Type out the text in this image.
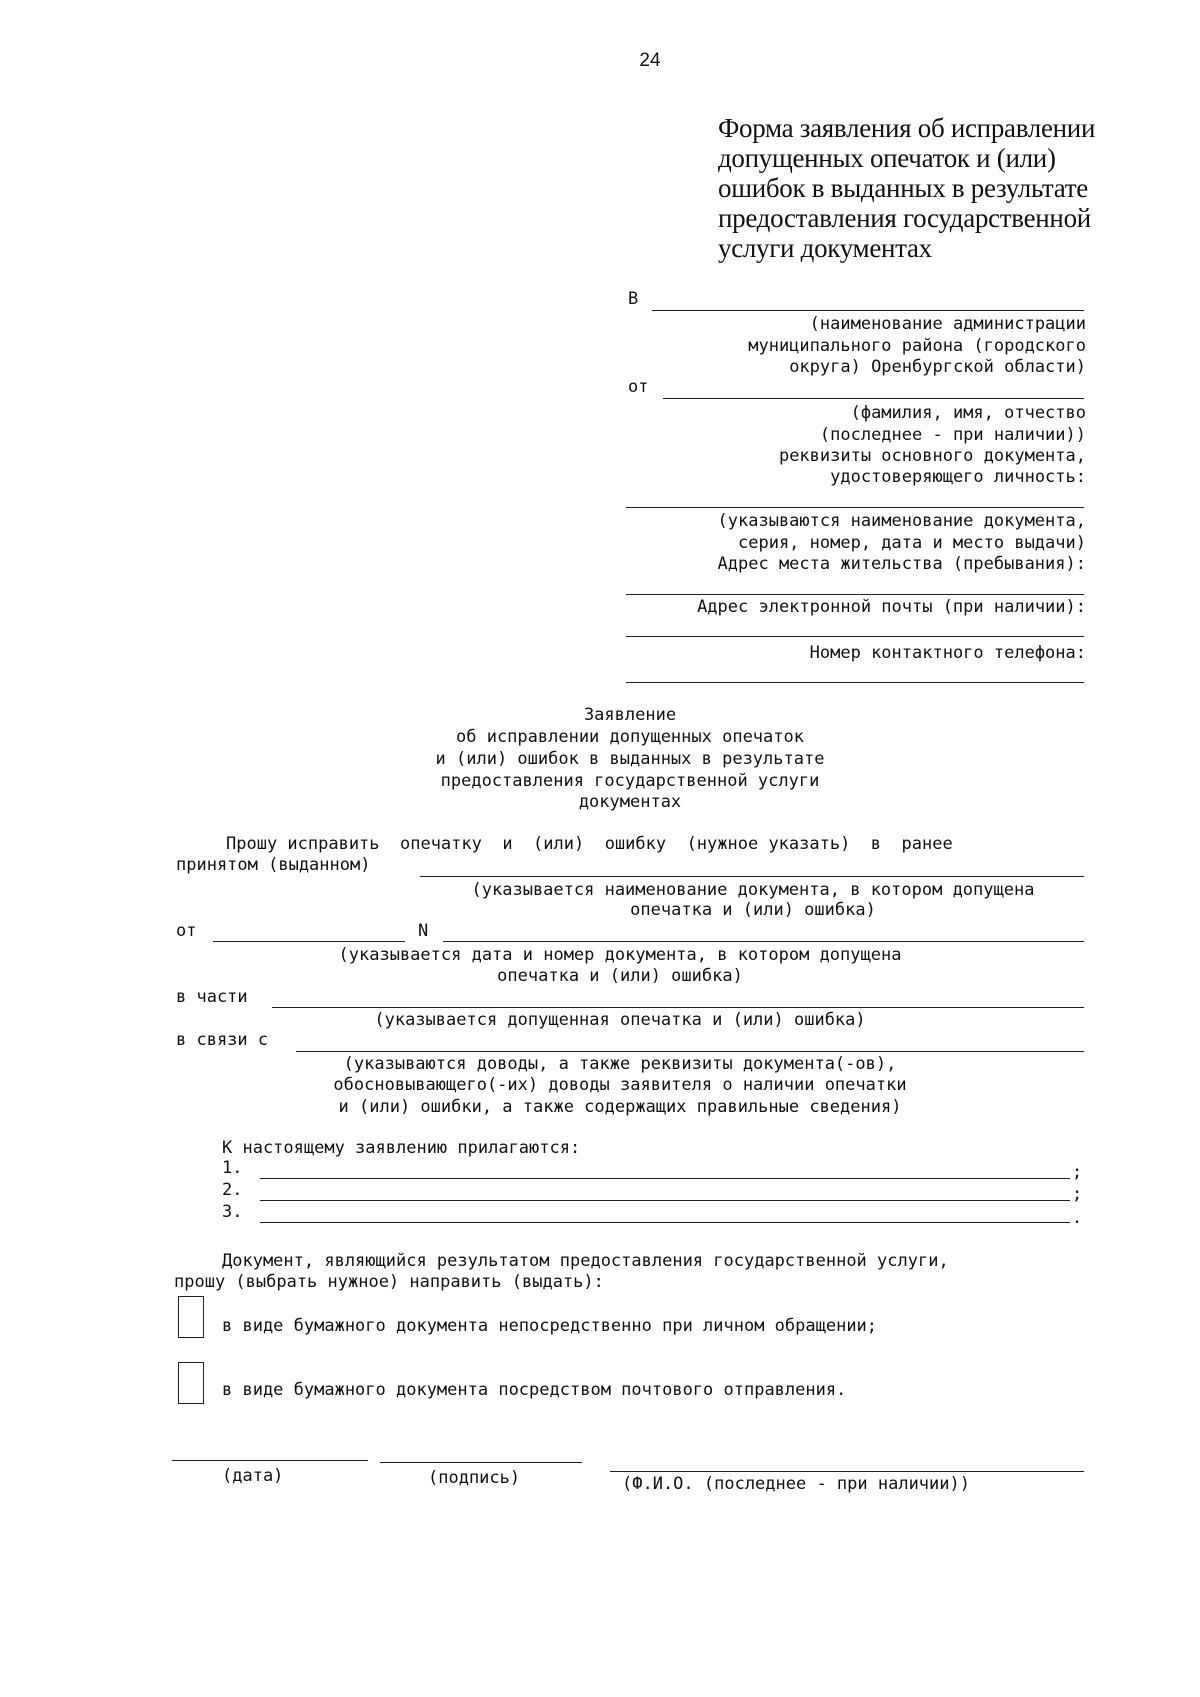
24
Форма заявления об исправлении допущенных опечаток и (или) ошибок в выданных в результате предоставления государственной услуги документах
В
(наименование администрации
муниципального района (городского
округа) Оренбургской области)
от
(фамилия, имя, отчество
(последнее - при наличии))
реквизиты основного документа,
удостоверяющего личность:
(указываются наименование документа,
серия, номер, дата и место выдачи)
Адрес места жительства (пребывания):
Адрес электронной почты (при наличии):
Номер контактного телефона:
Заявление
об исправлении допущенных опечаток
и (или) ошибок в выданных в результате
предоставления государственной услуги
документах
Прошу исправить  опечатку  и  (или)  ошибку  (нужное указать)  в  ранее
принятом (выданном)
(указывается наименование документа, в котором допущена
опечатка и (или) ошибка)
от	N
(указывается дата и номер документа, в котором допущена
опечатка и (или) ошибка)
в части
(указывается допущенная опечатка и (или) ошибка)
в связи с
(указываются доводы, а также реквизиты документа(-ов),
обосновывающего(-их) доводы заявителя о наличии опечатки
и (или) ошибки, а также содержащих правильные сведения)
К настоящему заявлению прилагаются:
1.	;
2.	;
3.	.
Документ, являющийся результатом предоставления государственной услуги,
прошу (выбрать нужное) направить (выдать):
в виде бумажного документа непосредственно при личном обращении;
в виде бумажного документа посредством почтового отправления.
(дата)	(подпись)	(Ф.И.О. (последнее - при наличии))
